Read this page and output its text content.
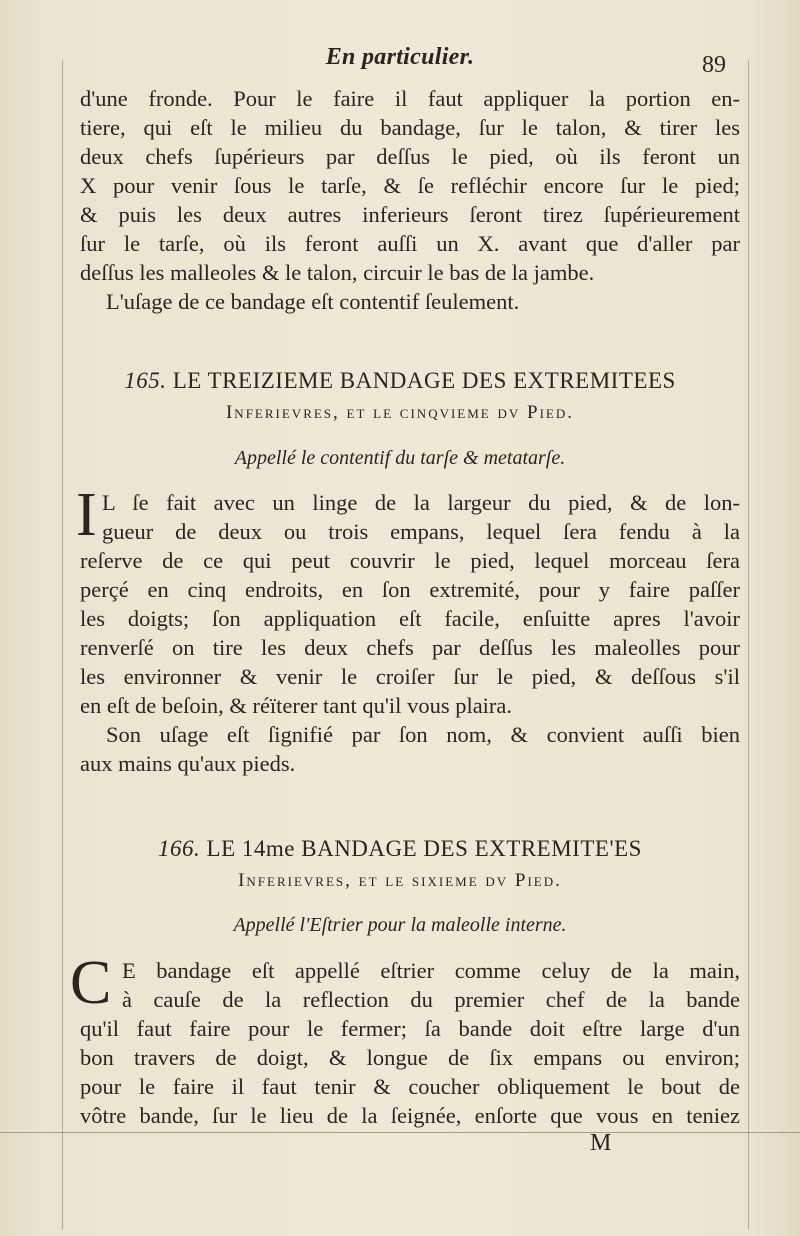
En particulier.	89
d'une fronde. Pour le faire il faut appliquer la portion en-
tiere, qui eſt le milieu du bandage, ſur le talon, & tirer les
deux chefs ſupérieurs par deſſus le pied, où ils feront un
X pour venir ſous le tarſe, & ſe refléchir encore ſur le pied;
& puis les deux autres inferieurs ſeront tirez ſupérieurement
ſur le tarſe, où ils feront auſſi un X. avant que d'aller par
deſſus les malleoles & le talon, circuir le bas de la jambe.
L'uſage de ce bandage eſt contentif ſeulement.
165. LE TREIZIEME BANDAGE DES EXTREMITEES
Inferievres, et le cinqvieme dv Pied.
Appellé le contentif du tarſe & metatarſe.
I L ſe fait avec un linge de la largeur du pied, & de lon-
gueur de deux ou trois empans, lequel ſera fendu à la
reſerve de ce qui peut couvrir le pied, lequel morceau ſera
perçé en cinq endroits, en ſon extremité, pour y faire paſſer
les doigts; ſon appliquation eſt facile, enſuitte apres l'avoir
renverſé on tire les deux chefs par deſſus les maleolles pour
les environner & venir le croiſer ſur le pied, & deſſous s'il
en eſt de beſoin, & réïterer tant qu'il vous plaira.
Son uſage eſt ſignifié par ſon nom, & convient auſſi bien
aux mains qu'aux pieds.
166. LE 14me BANDAGE DES EXTREMITE'ES
Inferievres, et le sixieme dv Pied.
Appellé l'Eſtrier pour la maleolle interne.
C E bandage eſt appellé eſtrier comme celuy de la main,
à cauſe de la reflection du premier chef de la bande
qu'il faut faire pour le fermer; ſa bande doit eſtre large d'un
bon travers de doigt, & longue de ſix empans ou environ;
pour le faire il faut tenir & coucher obliquement le bout de
vôtre bande, ſur le lieu de la ſeignée, enſorte que vous en teniez
M
